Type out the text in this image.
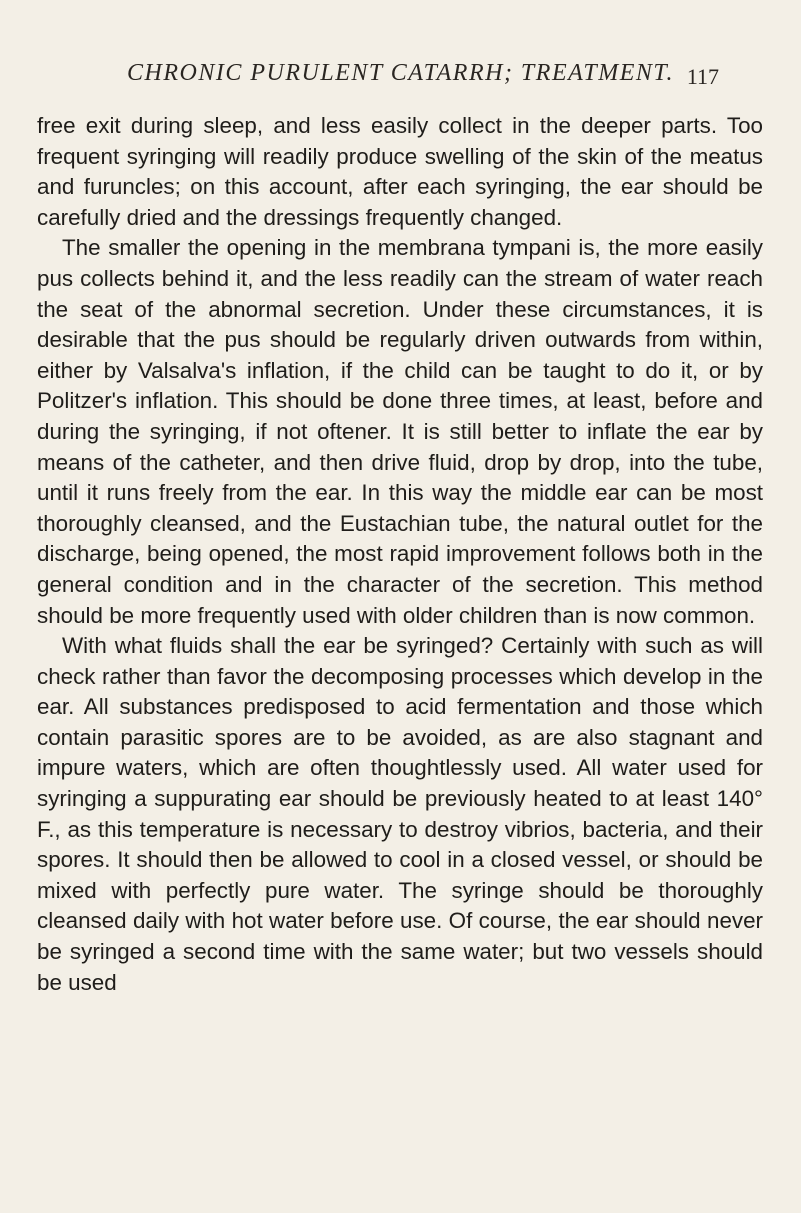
CHRONIC PURULENT CATARRH; TREATMENT. 117

free exit during sleep, and less easily collect in the deeper parts. Too frequent syringing will readily produce swelling of the skin of the meatus and furuncles; on this account, after each syringing, the ear should be carefully dried and the dressings frequently changed.

The smaller the opening in the membrana tympani is, the more easily pus collects behind it, and the less readily can the stream of water reach the seat of the abnormal secretion. Under these circumstances, it is desirable that the pus should be regularly driven outwards from within, either by Valsalva's inflation, if the child can be taught to do it, or by Politzer's inflation. This should be done three times, at least, before and during the syringing, if not oftener. It is still better to inflate the ear by means of the catheter, and then drive fluid, drop by drop, into the tube, until it runs freely from the ear. In this way the middle ear can be most thoroughly cleansed, and the Eustachian tube, the natural outlet for the discharge, being opened, the most rapid improvement follows both in the general condition and in the character of the secretion. This method should be more frequently used with older children than is now common.

With what fluids shall the ear be syringed? Certainly with such as will check rather than favor the decomposing processes which develop in the ear. All substances predisposed to acid fermentation and those which contain parasitic spores are to be avoided, as are also stagnant and impure waters, which are often thoughtlessly used. All water used for syringing a suppurating ear should be previously heated to at least 140° F., as this temperature is necessary to destroy vibrios, bacteria, and their spores. It should then be allowed to cool in a closed vessel, or should be mixed with perfectly pure water. The syringe should be thoroughly cleansed daily with hot water before use. Of course, the ear should never be syringed a second time with the same water; but two vessels should be used
